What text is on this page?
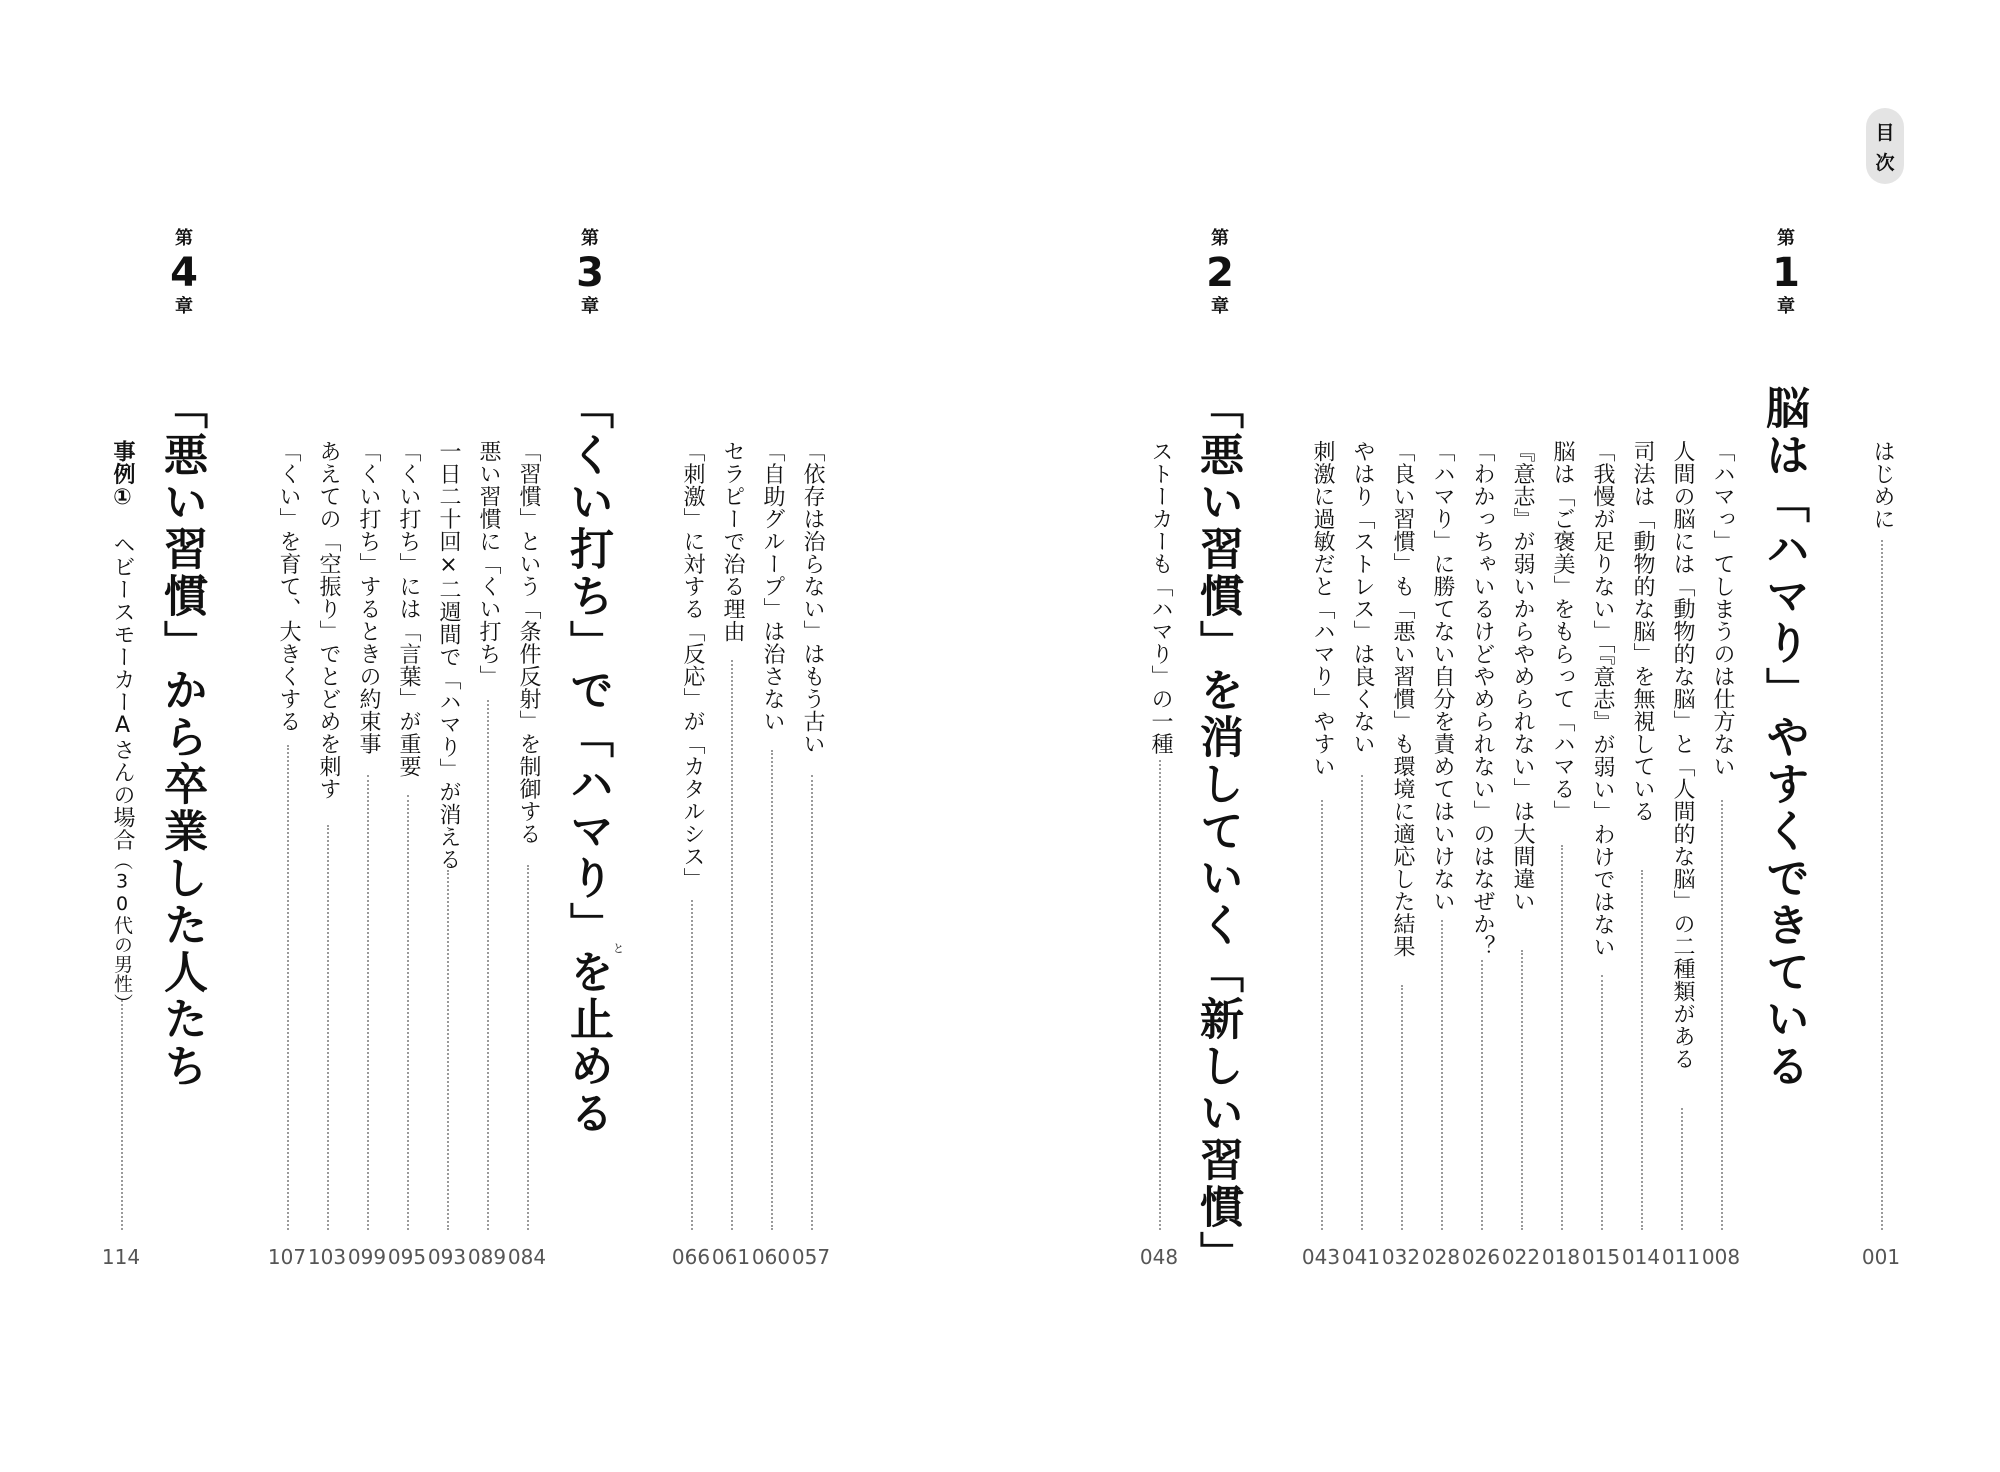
目
次
はじめに
001
第
1
章
脳は「ハマり」やすくできている
「ハマっ」てしまうのは仕方ない
008
人間の脳には「動物的な脳」と「人間的な脳」の二種類がある
011
司法は「動物的な脳」を無視している
014
「我慢が足りない」「『意志』が弱い」わけではない
015
脳は「ご褒美」をもらって「ハマる」
018
『意志』が弱いからやめられない」は大間違い
022
「わかっちゃいるけどやめられない」のはなぜか？
026
「ハマり」に勝てない自分を責めてはいけない
028
「良い習慣」も「悪い習慣」も環境に適応した結果
032
やはり「ストレス」は良くない
041
刺激に過敏だと「ハマり」やすい
043
第
2
章
「悪い習慣」を消していく「新しい習慣」
ストーカーも「ハマり」の一種
048
第
3
章
「くい打ち」で「ハマり」を止める と
「依存は治らない」はもう古い
057
「自助グループ」は治さない
060
セラピーで治る理由
061
「刺激」に対する「反応」が「カタルシス」
066
「習慣」という「条件反射」を制御する
084
悪い習慣に「くい打ち」
089
一日二十回×二週間で「ハマり」が消える
093
「くい打ち」には「言葉」が重要
095
「くい打ち」するときの約束事
099
あえての「空振り」でとどめを刺す
103
「くい」を育て、大きくする
107
第
4
章
「悪い習慣」から卒業した人たち
事例①　ヘビースモーカーAさんの場合（30代の男性）
114
